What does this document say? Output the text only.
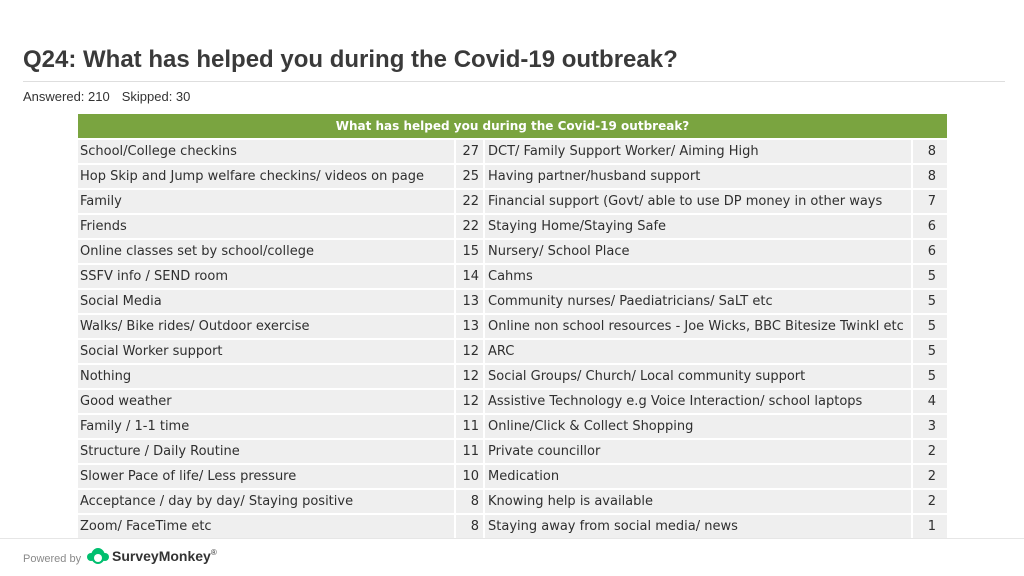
Q24: What has helped you during the Covid-19 outbreak?
Answered: 210 Skipped: 30
What has helped you during the Covid-19 outbreak?
School/College checkins	27 DCT/ Family Support Worker/ Aiming High	8
Hop Skip and Jump welfare checkins/ videos on page	25 Having partner/husband support	8
Family	22 Financial support (Govt/ able to use DP money in other ways	7
Friends	22 Staying Home/Staying Safe	6
Online classes set by school/college	15 Nursery/ School Place	6
SSFV info / SEND room	14 Cahms	5
Social Media	13 Community nurses/ Paediatricians/ SaLT etc	5
Walks/ Bike rides/ Outdoor exercise	13 Online non school resources - Joe Wicks, BBC Bitesize Twinkl etc	5
Social Worker support	12 ARC	5
Nothing	12 Social Groups/ Church/ Local community support	5
Good weather	12 Assistive Technology e.g Voice Interaction/ school laptops	4
Family / 1-1 time	11 Online/Click & Collect Shopping	3
Structure / Daily Routine	11 Private councillor	2
Slower Pace of life/ Less pressure	10 Medication	2
Acceptance / day by day/ Staying positive	8 Knowing help is available	2
Zoom/ FaceTime etc	8 Staying away from social media/ news	1
Powered by SurveyMonkey®
